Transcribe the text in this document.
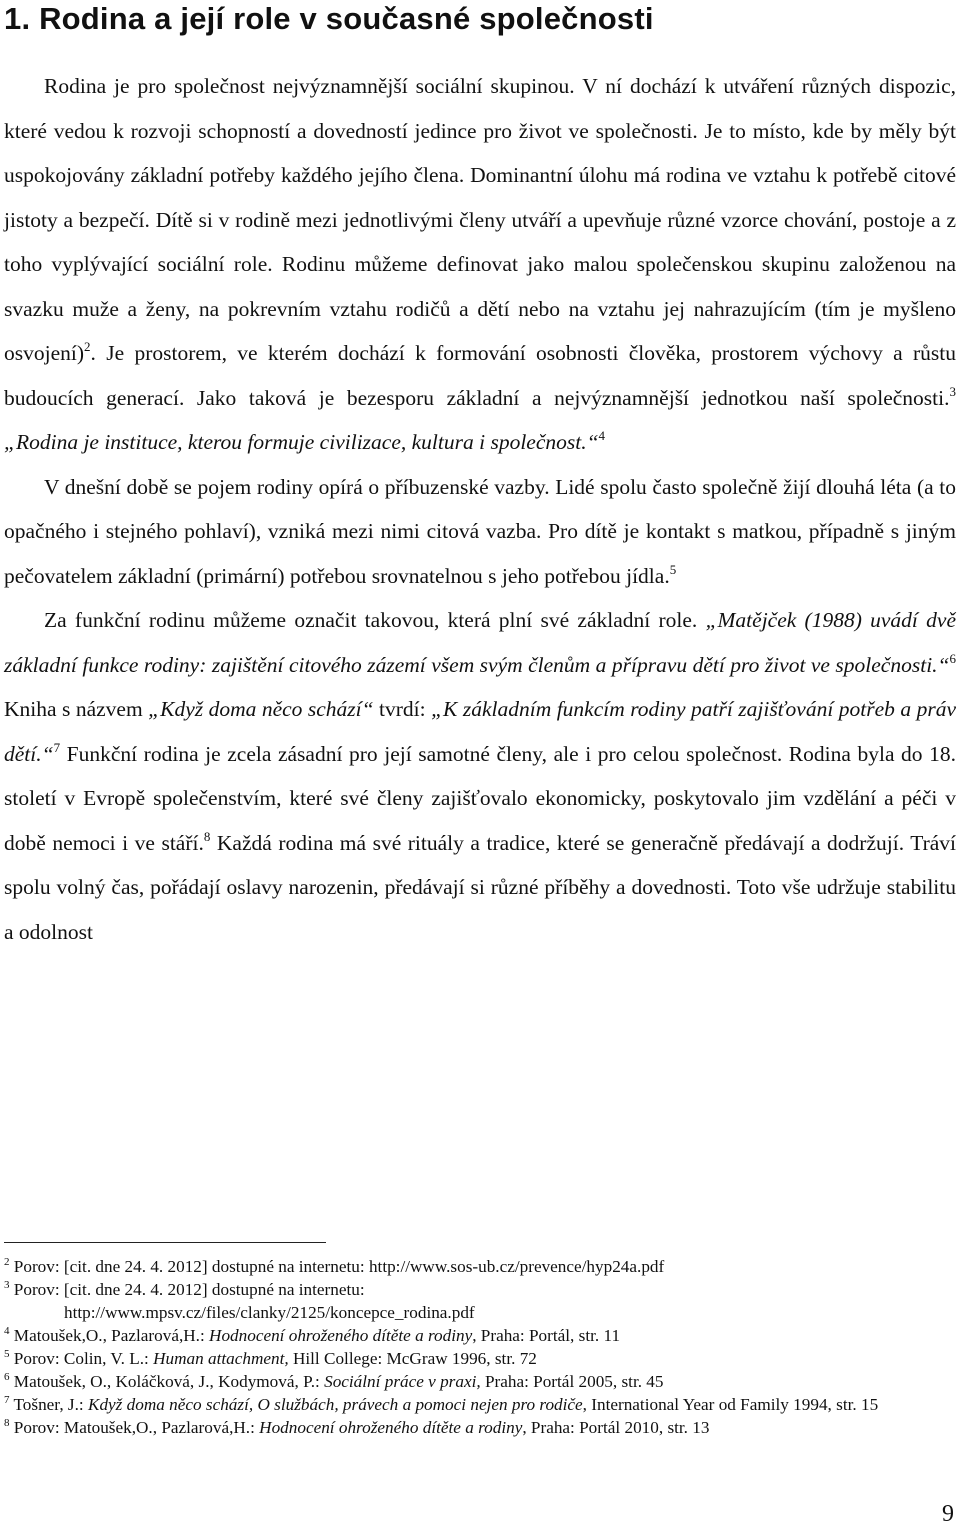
1. Rodina a její role v současné společnosti

Rodina je pro společnost nejvýznamnější sociální skupinou. V ní dochází k utváření různých dispozic, které vedou k rozvoji schopností a dovedností jedince pro život ve společnosti. Je to místo, kde by měly být uspokojovány základní potřeby každého jejího člena. Dominantní úlohu má rodina ve vztahu k potřebě citové jistoty a bezpečí. Dítě si v rodině mezi jednotlivými členy utváří a upevňuje různé vzorce chování, postoje a z toho vyplývající sociální role. Rodinu můžeme definovat jako malou společenskou skupinu založenou na svazku muže a ženy, na pokrevním vztahu rodičů a dětí nebo na vztahu jej nahrazujícím (tím je myšleno osvojení)$^2$. Je prostorem, ve kterém dochází k formování osobnosti člověka, prostorem výchovy a růstu budoucích generací. Jako taková je bezesporu základní a nejvýznamnější jednotkou naší společnosti.$^3$ „Rodina je instituce, kterou formuje civilizace, kultura i společnost.“$^4$

V dnešní době se pojem rodiny opírá o příbuzenské vazby. Lidé spolu často společně žijí dlouhá léta (a to opačného i stejného pohlaví), vzniká mezi nimi citová vazba. Pro dítě je kontakt s matkou, případně s jiným pečovatelem základní (primární) potřebou srovnatelnou s jeho potřebou jídla.$^5$

Za funkční rodinu můžeme označit takovou, která plní své základní role. „Matějček (1988) uvádí dvě základní funkce rodiny: zajištění citového zázemí všem svým členům a přípravu dětí pro život ve společnosti.“$^6$ Kniha s názvem „Když doma něco schází“ tvrdí: „K základním funkcím rodiny patří zajišťování potřeb a práv dětí.“$^7$ Funkční rodina je zcela zásadní pro její samotné členy, ale i pro celou společnost. Rodina byla do 18. století v Evropě společenstvím, které své členy zajišťovalo ekonomicky, poskytovalo jim vzdělání a péči v době nemoci i ve stáří.$^8$ Každá rodina má své rituály a tradice, které se generačně předávají a dodržují. Tráví spolu volný čas, pořádají oslavy narozenin, předávají si různé příběhy a dovednosti. Toto vše udržuje stabilitu a odolnost

$^2$ Porov: [cit. dne 24. 4. 2012] dostupné na internetu: http://www.sos-ub.cz/prevence/hyp24a.pdf

$^3$ Porov: [cit. dne 24. 4. 2012] dostupné na internetu:
http://www.mpsv.cz/files/clanky/2125/koncepce_rodina.pdf

$^4$ Matoušek,O., Pazlarová,H.: Hodnocení ohroženého dítěte a rodiny, Praha: Portál, str. 11

$^5$ Porov: Colin, V. L.: Human attachment, Hill College: McGraw 1996, str. 72

$^6$ Matoušek, O., Koláčková, J., Kodymová, P.: Sociální práce v praxi, Praha: Portál 2005, str. 45

$^7$ Tošner, J.: Když doma něco schází, O službách, právech a pomoci nejen pro rodiče, International Year od Family 1994, str. 15

$^8$ Porov: Matoušek,O., Pazlarová,H.: Hodnocení ohroženého dítěte a rodiny, Praha: Portál 2010, str. 13

9
